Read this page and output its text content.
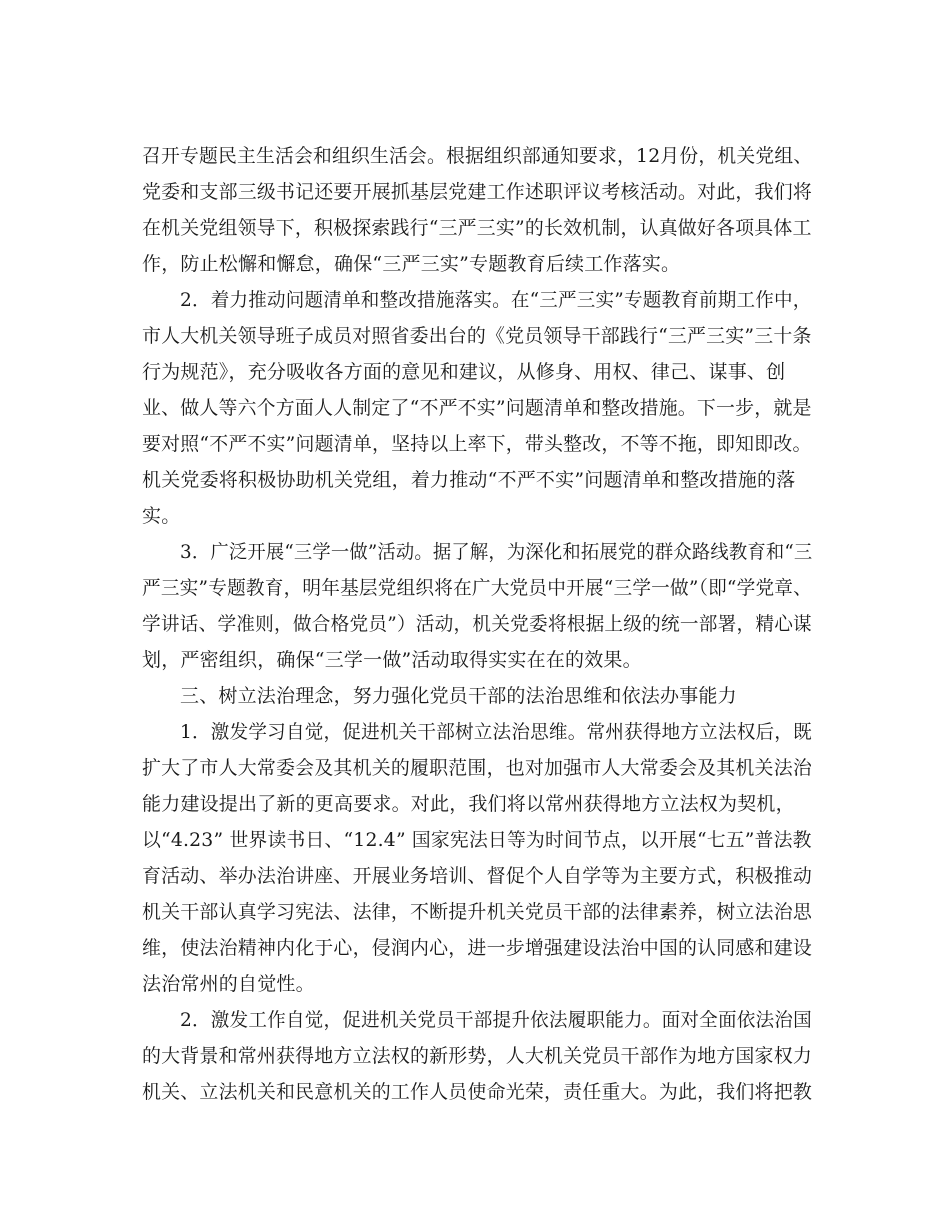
召开专题民主生活会和组织生活会。根据组织部通知要求，12月份，机关党组、
党委和支部三级书记还要开展抓基层党建工作述职评议考核活动。对此，我们将
在机关党组领导下，积极探索践行“三严三实”的长效机制，认真做好各项具体工
作，防止松懈和懈怠，确保“三严三实”专题教育后续工作落实。
2．着力推动问题清单和整改措施落实。在“三严三实”专题教育前期工作中，
市人大机关领导班子成员对照省委出台的《党员领导干部践行“三严三实”三十条
行为规范》，充分吸收各方面的意见和建议，从修身、用权、律己、谋事、创
业、做人等六个方面人人制定了“不严不实”问题清单和整改措施。下一步，就是
要对照“不严不实”问题清单，坚持以上率下，带头整改，不等不拖，即知即改。
机关党委将积极协助机关党组，着力推动“不严不实”问题清单和整改措施的落
实。
3．广泛开展“三学一做”活动。据了解，为深化和拓展党的群众路线教育和“三
严三实”专题教育，明年基层党组织将在广大党员中开展“三学一做”（即“学党章、
学讲话、学准则，做合格党员”）活动，机关党委将根据上级的统一部署，精心谋
划，严密组织，确保“三学一做”活动取得实实在在的效果。
三、树立法治理念，努力强化党员干部的法治思维和依法办事能力
1．激发学习自觉，促进机关干部树立法治思维。常州获得地方立法权后，既
扩大了市人大常委会及其机关的履职范围，也对加强市人大常委会及其机关法治
能力建设提出了新的更高要求。对此，我们将以常州获得地方立法权为契机，
以“4.23” 世界读书日、“12.4” 国家宪法日等为时间节点，以开展“七五”普法教
育活动、举办法治讲座、开展业务培训、督促个人自学等为主要方式，积极推动
机关干部认真学习宪法、法律，不断提升机关党员干部的法律素养，树立法治思
维，使法治精神内化于心，侵润内心，进一步增强建设法治中国的认同感和建设
法治常州的自觉性。
2．激发工作自觉，促进机关党员干部提升依法履职能力。面对全面依法治国
的大背景和常州获得地方立法权的新形势，人大机关党员干部作为地方国家权力
机关、立法机关和民意机关的工作人员使命光荣，责任重大。为此，我们将把教
